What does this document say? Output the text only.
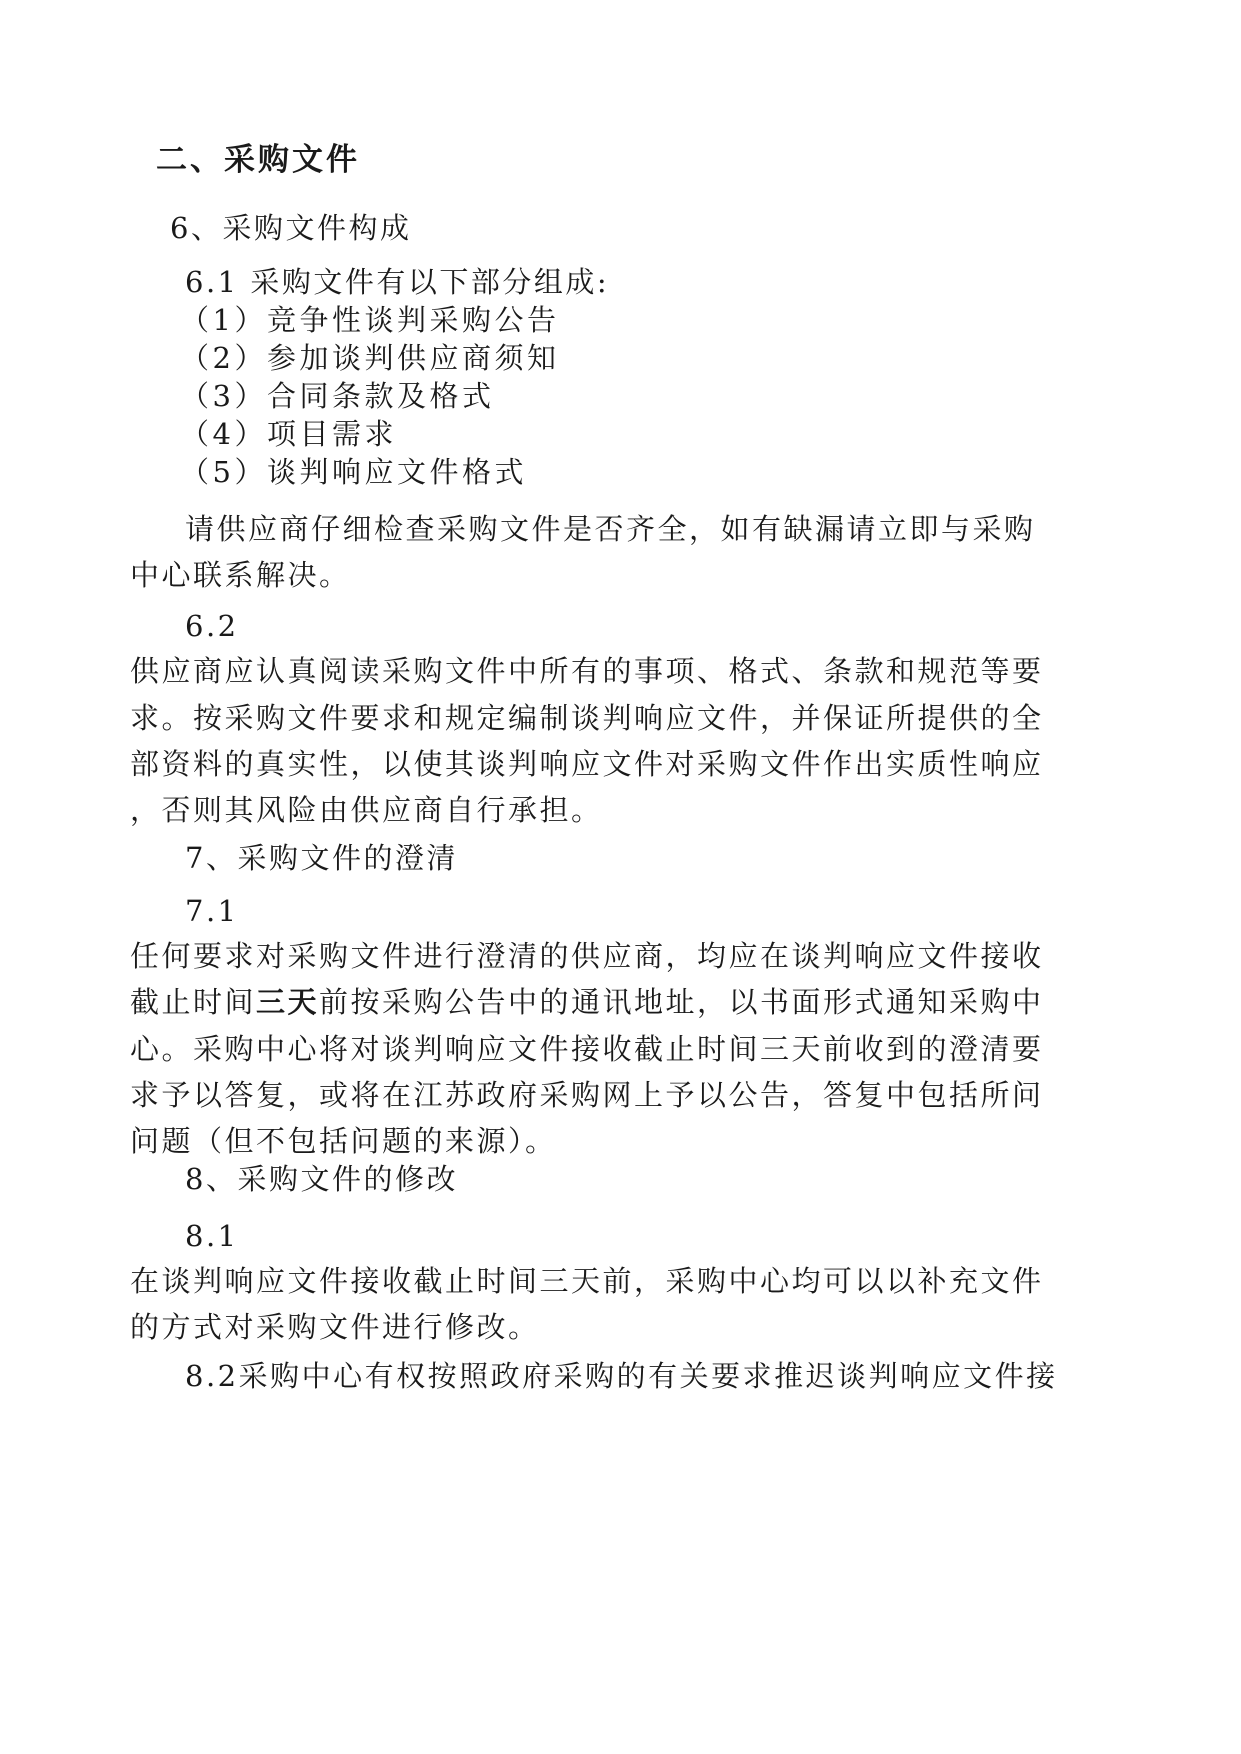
二、采购文件
6、采购文件构成
6.1 采购文件有以下部分组成:
（1）竞争性谈判采购公告
（2）参加谈判供应商须知
（3）合同条款及格式
（4）项目需求
（5）谈判响应文件格式
请供应商仔细检查采购文件是否齐全，如有缺漏请立即与采购
中心联系解决。
6.2
供应商应认真阅读采购文件中所有的事项、格式、条款和规范等要
求。按采购文件要求和规定编制谈判响应文件，并保证所提供的全
部资料的真实性，以使其谈判响应文件对采购文件作出实质性响应
，否则其风险由供应商自行承担。
7、采购文件的澄清
7.1
任何要求对采购文件进行澄清的供应商，均应在谈判响应文件接收
截止时间三天前按采购公告中的通讯地址，以书面形式通知采购中
心。采购中心将对谈判响应文件接收截止时间三天前收到的澄清要
求予以答复，或将在江苏政府采购网上予以公告，答复中包括所问
问题（但不包括问题的来源）。
8、采购文件的修改
8.1
在谈判响应文件接收截止时间三天前，采购中心均可以以补充文件
的方式对采购文件进行修改。
8.2采购中心有权按照政府采购的有关要求推迟谈判响应文件接
